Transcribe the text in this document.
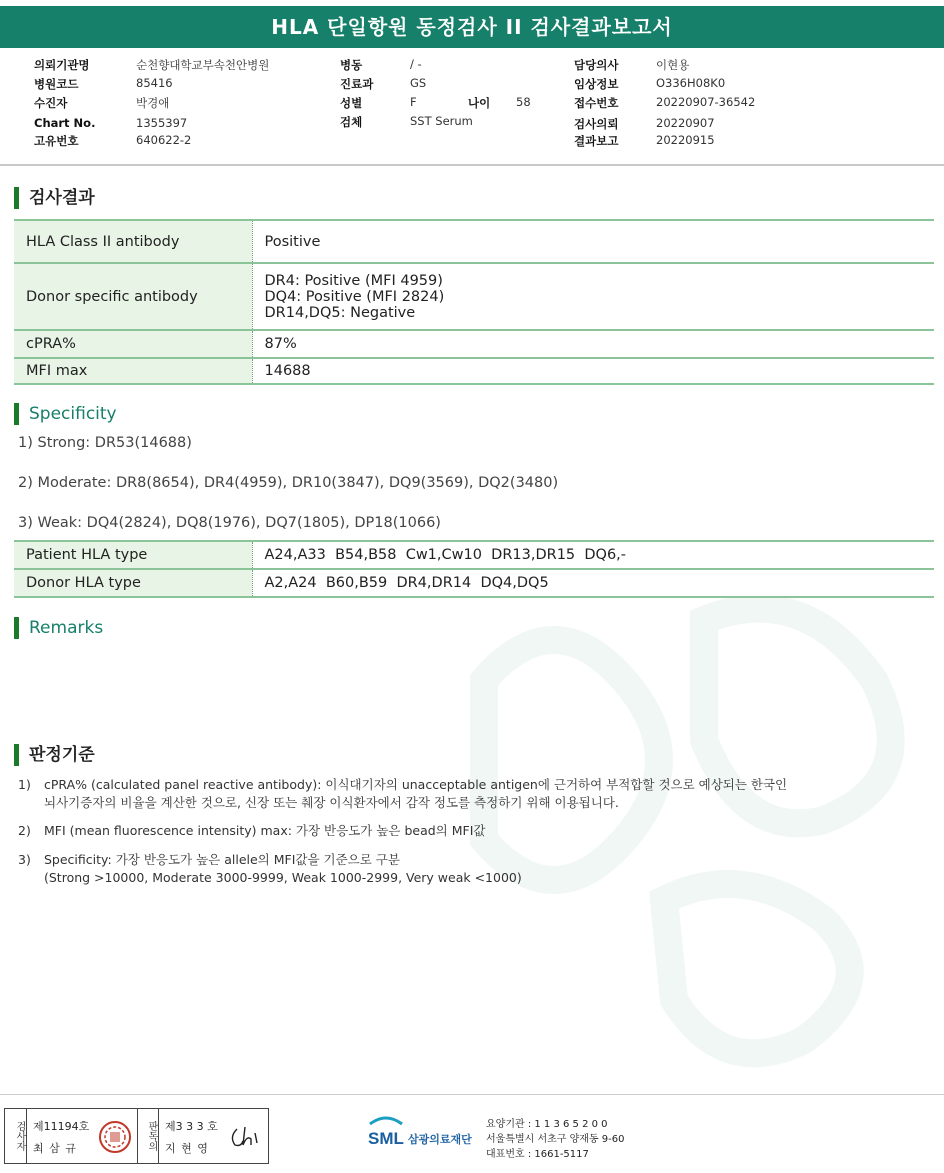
HLA 단일항원 동정검사 II 검사결과보고서
의뢰기관명	순천향대학교부속천안병원
병원코드	85416
수진자	박경애
Chart No.	1355397
고유번호	640622-2
병동	/ -
진료과	GS
성별	F	나이 58
검체	SST Serum
담당의사	이현용
임상정보	O336H08K0
접수번호	20220907-36542
검사의뢰	20220907
결과보고	20220915
검사결과
HLA Class II antibody	Positive
Donor specific antibody	DR4: Positive (MFI 4959)
DQ4: Positive (MFI 2824)
DR14,DQ5: Negative

cPRA%	87%
MFI max	14688
Specificity
1) Strong: DR53(14688)
2) Moderate: DR8(8654), DR4(4959), DR10(3847), DQ9(3569), DQ2(3480)
3) Weak: DQ4(2824), DQ8(1976), DQ7(1805), DP18(1066)
Patient HLA type	A24,A33  B54,B58  Cw1,Cw10  DR13,DR15  DQ6,-
Donor HLA type	A2,A24  B60,B59  DR4,DR14  DQ4,DQ5
Remarks
판정기준
1) cPRA% (calculated panel reactive antibody): 이식대기자의 unacceptable antigen에 근거하여 부적합할 것으로 예상되는 한국인
뇌사기증자의 비율을 계산한 것으로, 신장 또는 췌장 이식환자에서 감작 정도를 측정하기 위해 이용됩니다.
2) MFI (mean fluorescence intensity) max: 가장 반응도가 높은 bead의 MFI값
3) Specificity: 가장 반응도가 높은 allele의 MFI값을 기준으로 구분
(Strong >10000, Moderate 3000-9999, Weak 1000-2999, Very weak <1000)
검사자 제11194호
최 삼 규	판독의 제3 3 3 호
지 현 영
SML 삼광의료재단
요양기관 : 1 1 3 6 5 2 0 0
서울특별시 서초구 양재동 9-60
대표번호 : 1661-5117
